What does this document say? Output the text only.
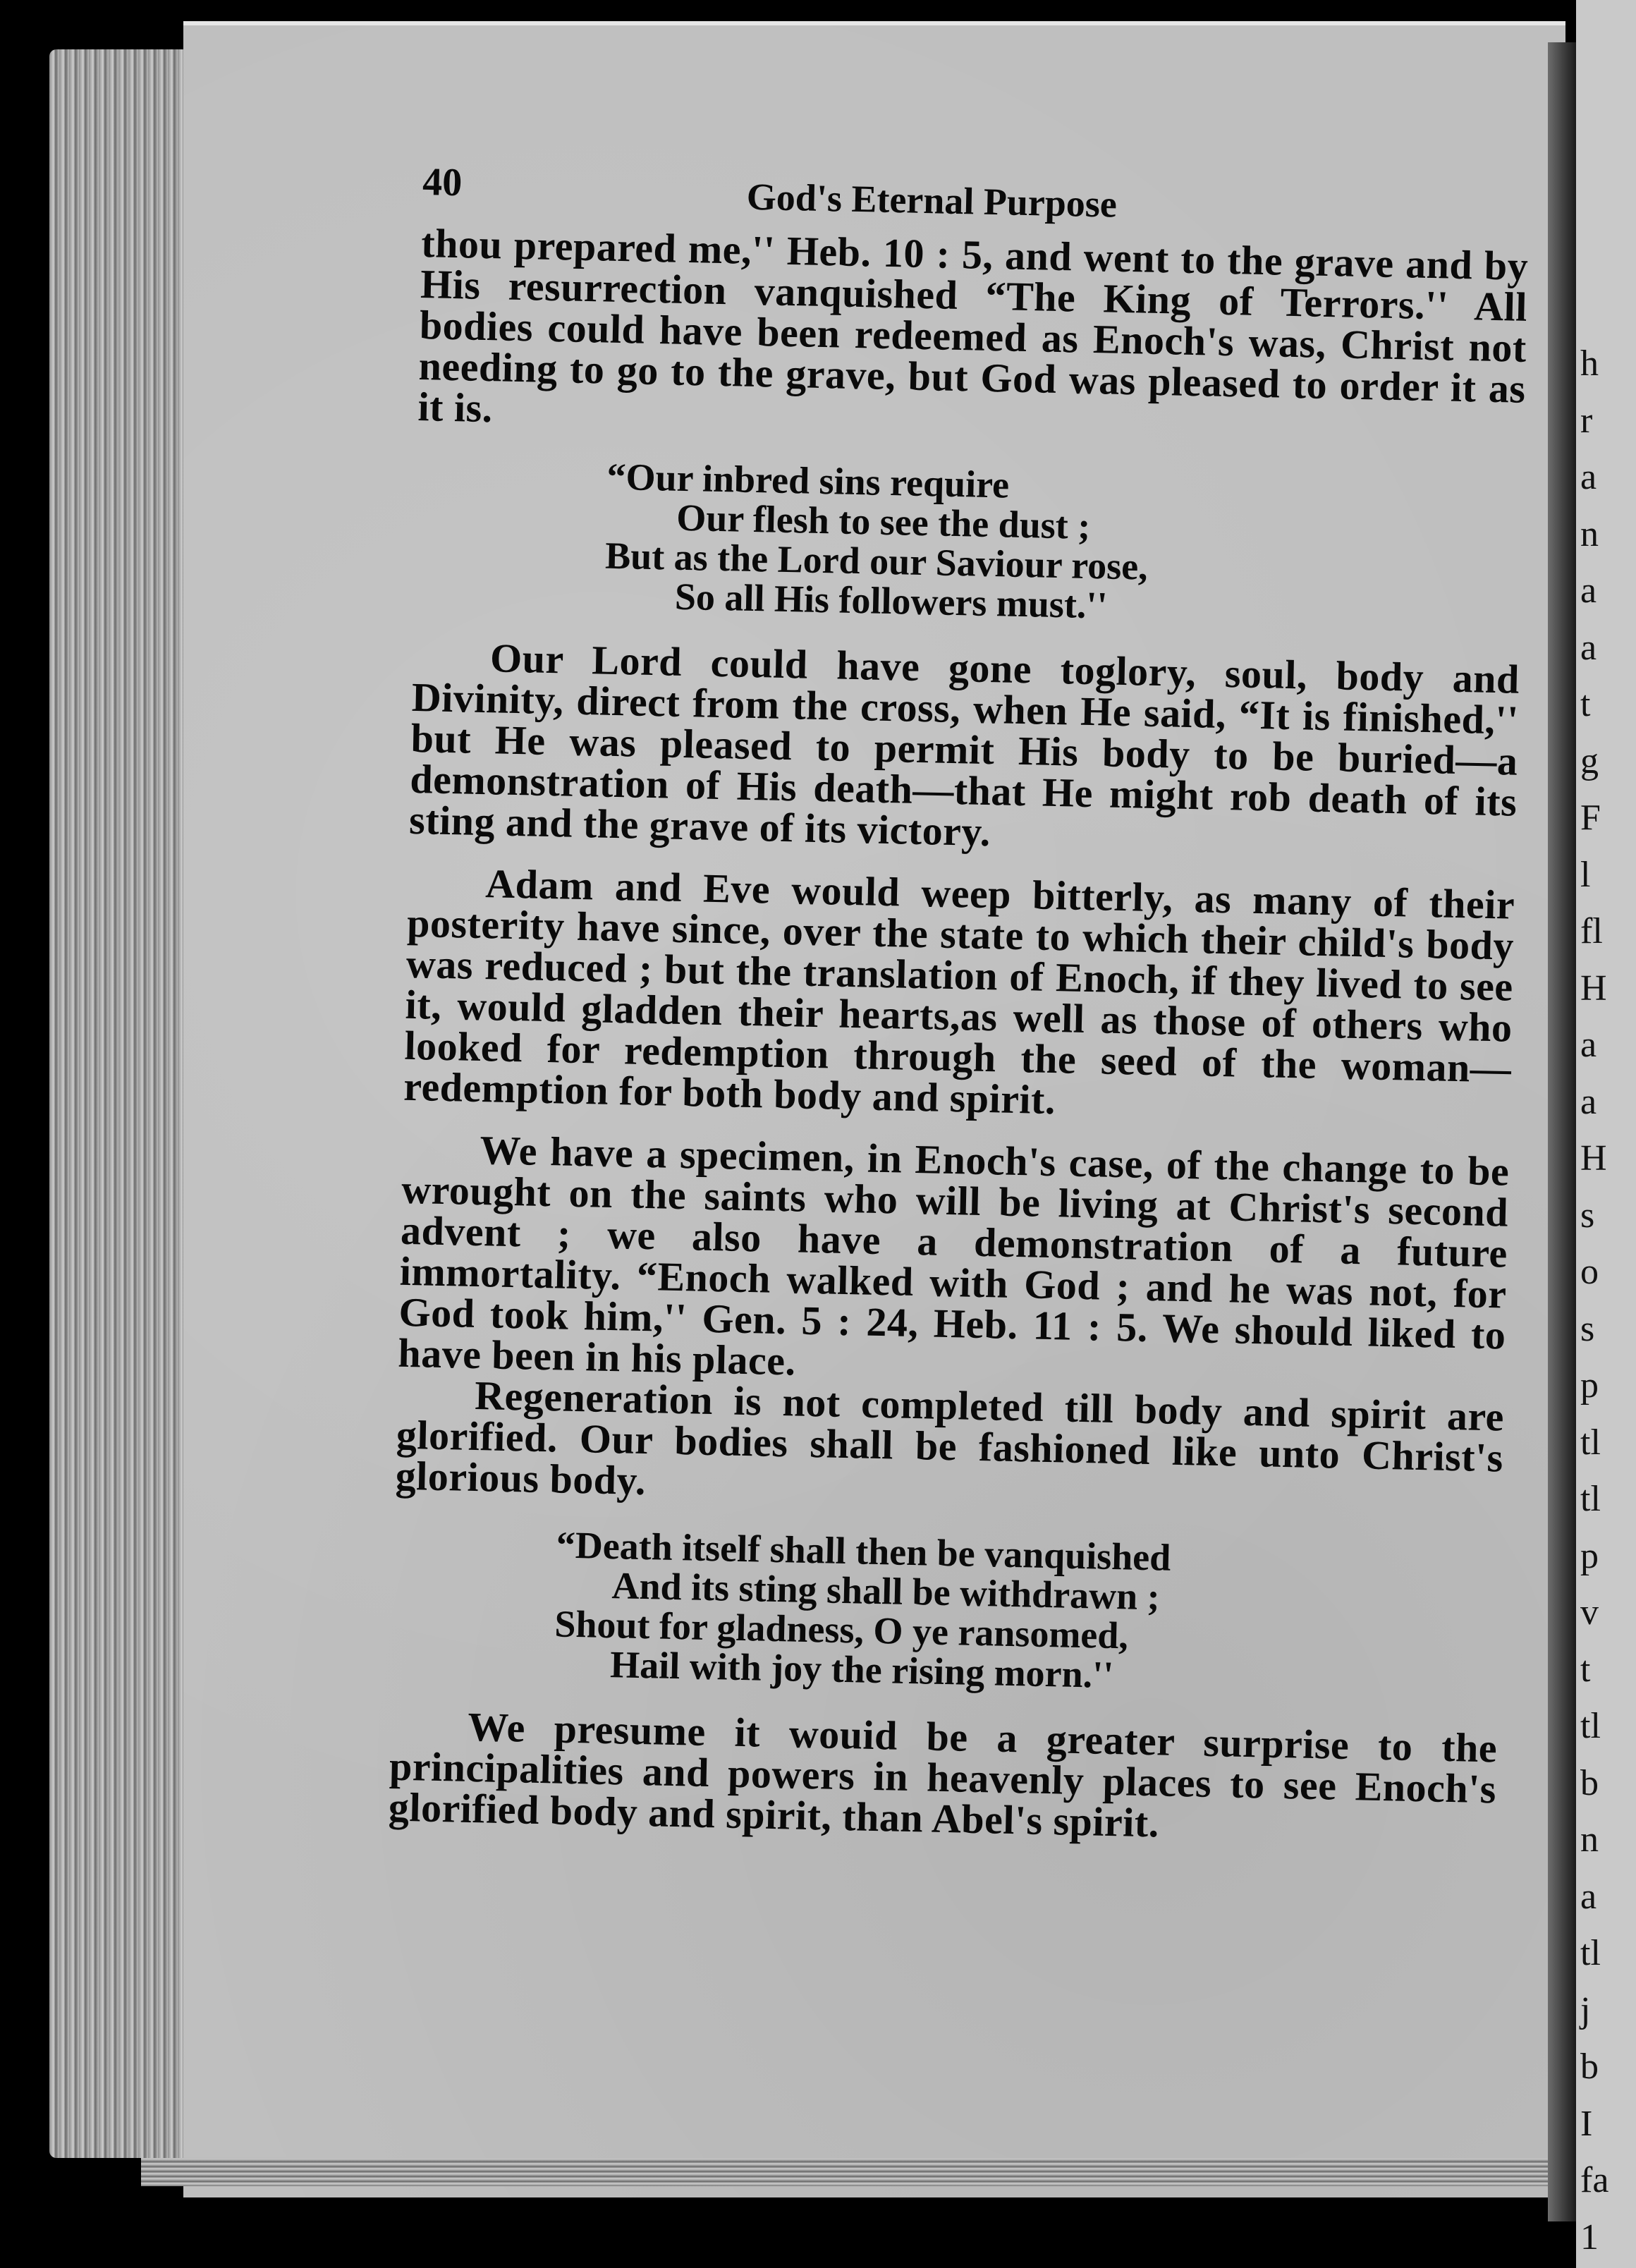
h
r
a
n
a
a
t
g
F
l
fl
H
a
a
H
s
o
s
p
tl
tl
p
v
t
tl
b
n
a
tl
j
b
I
fa
1
40	God's Eternal Purpose

thou prepared me,'' Heb. 10 : 5, and went to the grave and by His resurrection vanquished “The King of Terrors.'' All bodies could have been redeemed as Enoch's was, Christ not needing to go to the grave, but God was pleased to order it as it is.

“Our inbred sins require
Our flesh to see the dust ;
But as the Lord our Saviour rose,
So all His followers must.''

Our Lord could have gone toglory, soul, body and Divinity, direct from the cross, when He said, “It is finished,'' but He was pleased to permit His body to be buried—a demonstration of His death—that He might rob death of its sting and the grave of its victory.

Adam and Eve would weep bitterly, as many of their posterity have since, over the state to which their child's body was reduced ; but the translation of Enoch, if they lived to see it, would gladden their hearts,as well as those of others who looked for redemption through the seed of the woman—redemption for both body and spirit.

We have a specimen, in Enoch's case, of the change to be wrought on the saints who will be living at Christ's second advent ; we also have a demonstration of a future immortality. “Enoch walked with God ; and he was not, for God took him,'' Gen. 5 : 24, Heb. 11 : 5. We should liked to have been in his place.

Regeneration is not completed till body and spirit are glorified. Our bodies shall be fashioned like unto Christ's glorious body.

“Death itself shall then be vanquished
And its sting shall be withdrawn ;
Shout for gladness, O ye ransomed,
Hail with joy the rising morn.''

We presume it wouid be a greater surprise to the principalities and powers in heavenly places to see Enoch's glorified body and spirit, than Abel's spirit.
